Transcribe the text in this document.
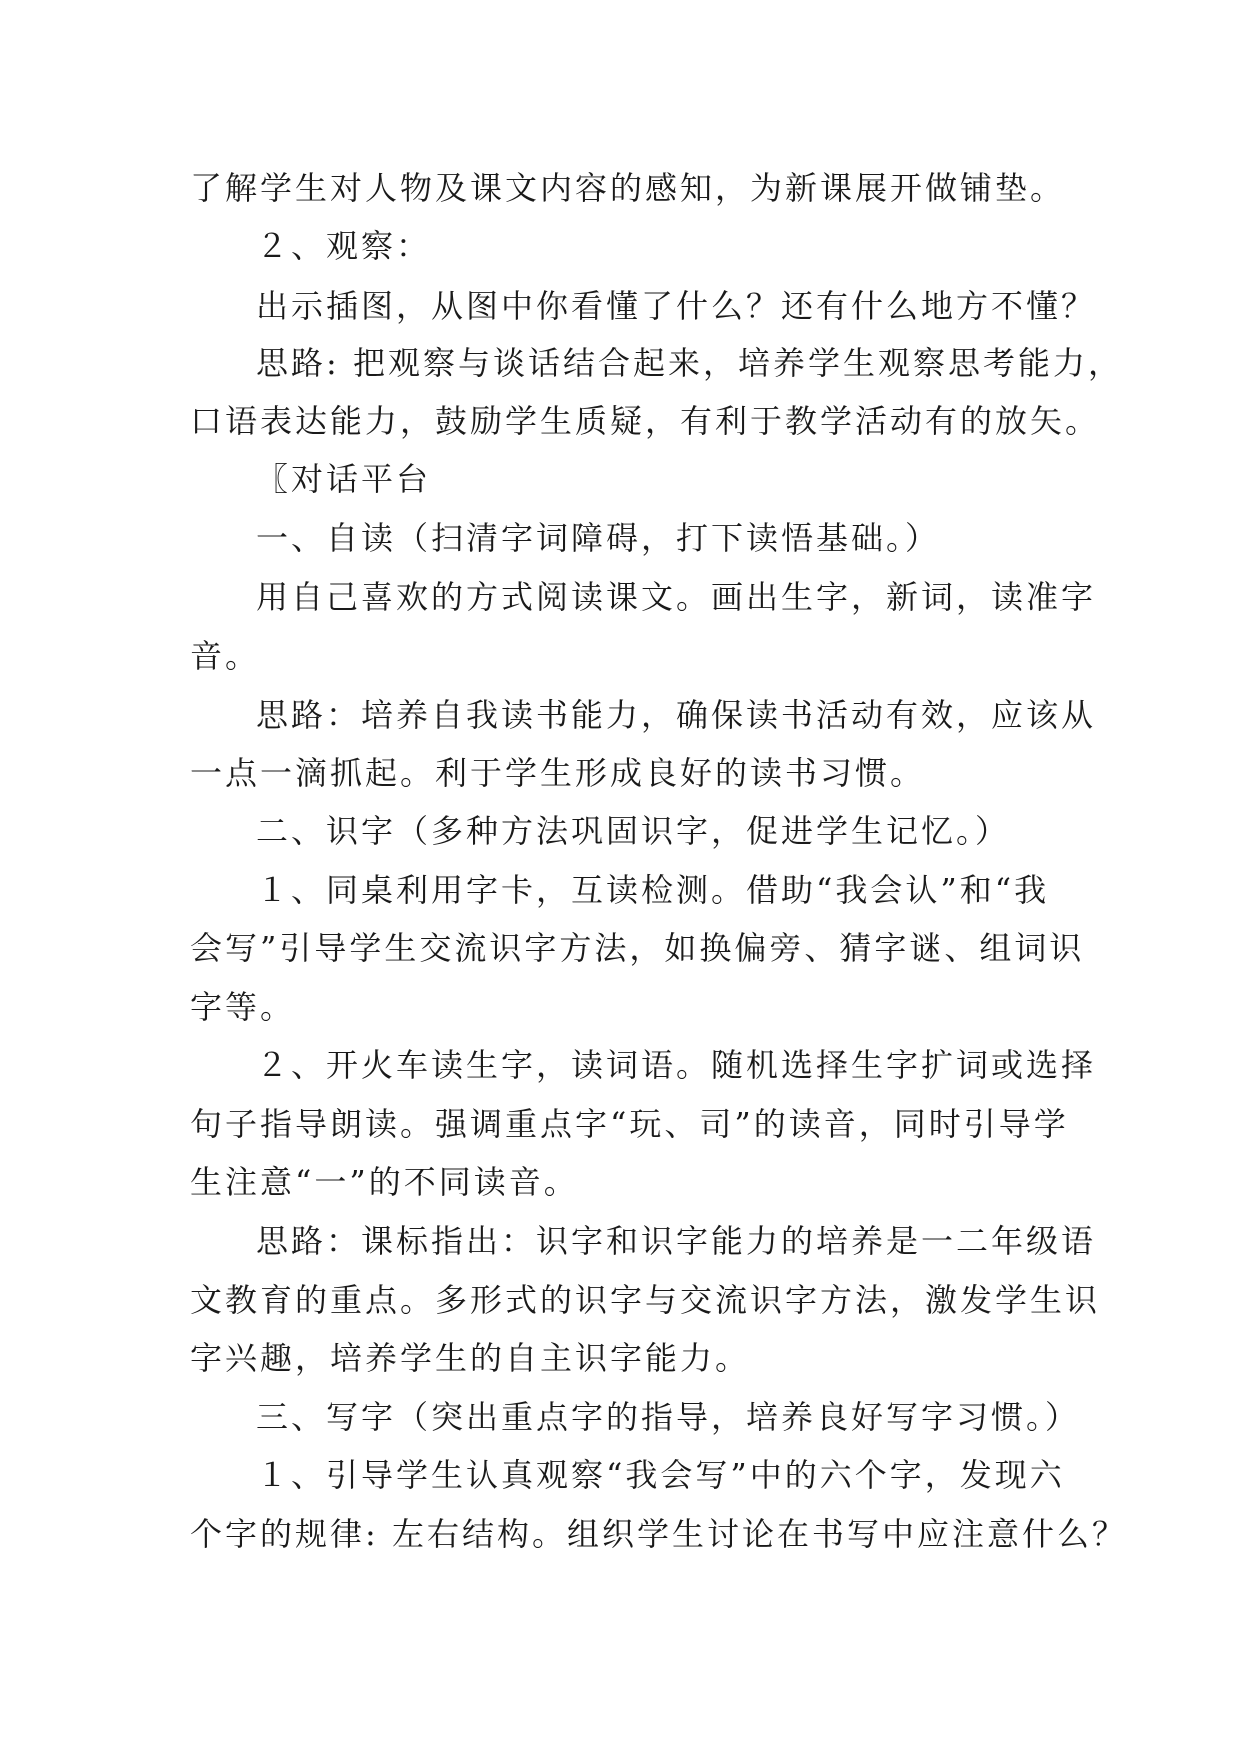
了解学生对人物及课文内容的感知，为新课展开做铺垫。
２、观察：
出示插图，从图中你看懂了什么？还有什么地方不懂？
思路: 把观察与谈话结合起来，培养学生观察思考能力，
口语表达能力，鼓励学生质疑，有利于教学活动有的放矢。
〖对话平台
一、自读（扫清字词障碍，打下读悟基础。）
用自己喜欢的方式阅读课文。画出生字，新词，读准字
音。
思路：培养自我读书能力，确保读书活动有效，应该从
一点一滴抓起。利于学生形成良好的读书习惯。
二、识字（多种方法巩固识字，促进学生记忆。）
１、同桌利用字卡，互读检测。借助“我会认”和“我
会写”引导学生交流识字方法，如换偏旁、猜字谜、组词识
字等。
２、开火车读生字，读词语。随机选择生字扩词或选择
句子指导朗读。强调重点字“玩、司”的读音，同时引导学
生注意“一”的不同读音。
思路：课标指出：识字和识字能力的培养是一二年级语
文教育的重点。多形式的识字与交流识字方法，激发学生识
字兴趣，培养学生的自主识字能力。
三、写字（突出重点字的指导，培养良好写字习惯。）
１、引导学生认真观察“我会写”中的六个字，发现六
个字的规律: 左右结构。组织学生讨论在书写中应注意什么？
